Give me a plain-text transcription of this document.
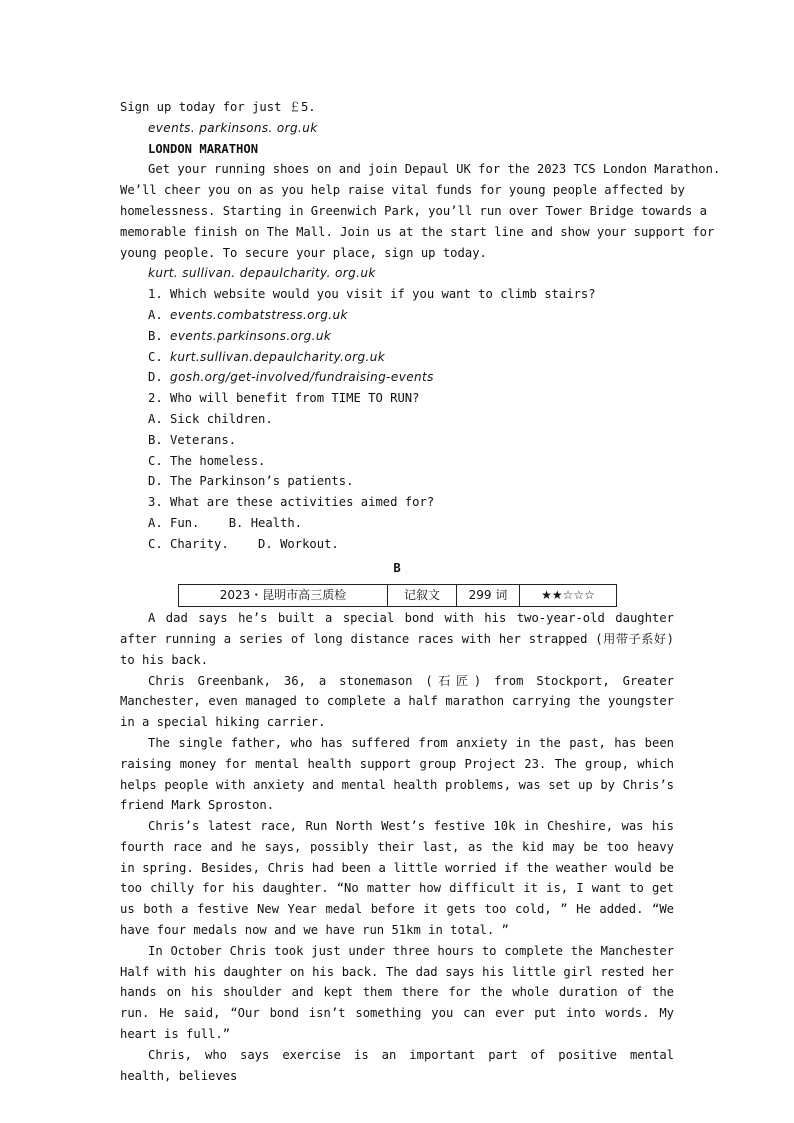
Sign up today for just ￡5.
events. parkinsons. org.uk
LONDON MARATHON
Get your running shoes on and join Depaul UK for the 2023 TCS London Marathon.
We’ll cheer you on as you help raise vital funds for young people affected by
homelessness. Starting in Greenwich Park, you’ll run over Tower Bridge towards a
memorable finish on The Mall. Join us at the start line and show your support for
young people. To secure your place, sign up today.
kurt. sullivan. depaulcharity. org.uk
1. Which website would you visit if you want to climb stairs?
A. events.combatstress.org.uk
B. events.parkinsons.org.uk
C. kurt.sullivan.depaulcharity.org.uk
D. gosh.org/get-involved/fundraising-events
2. Who will benefit from TIME TO RUN?
A. Sick children.
B. Veterans.
C. The homeless.
D. The Parkinson’s patients.
3. What are these activities aimed for?
A. Fun.    B. Health.
C. Charity.    D. Workout.
B
2023・昆明市高三质检	记叙文	299 词	★★☆☆☆

A dad says he’s built a special bond with his two-year-old daughter after running a series of long distance races with her strapped (用带子系好) to his back.

Chris Greenbank, 36, a stonemason (石匠) from Stockport, Greater Manchester, even managed to complete a half marathon carrying the youngster in a special hiking carrier.

The single father, who has suffered from anxiety in the past, has been raising money for mental health support group Project 23. The group, which helps people with anxiety and mental health problems, was set up by Chris’s friend Mark Sproston.

Chris’s latest race, Run North West’s festive 10k in Cheshire, was his fourth race and he says, possibly their last, as the kid may be too heavy in spring. Besides, Chris had been a little worried if the weather would be too chilly for his daughter. “No matter how difficult it is, I want to get us both a festive New Year medal before it gets too cold, ” He added. “We have four medals now and we have run 51km in total. ”

In October Chris took just under three hours to complete the Manchester Half with his daughter on his back. The dad says his little girl rested her hands on his shoulder and kept them there for the whole duration of the run. He said, “Our bond isn’t something you can ever put into words. My heart is full.”

Chris, who says exercise is an important part of positive mental health, believes
